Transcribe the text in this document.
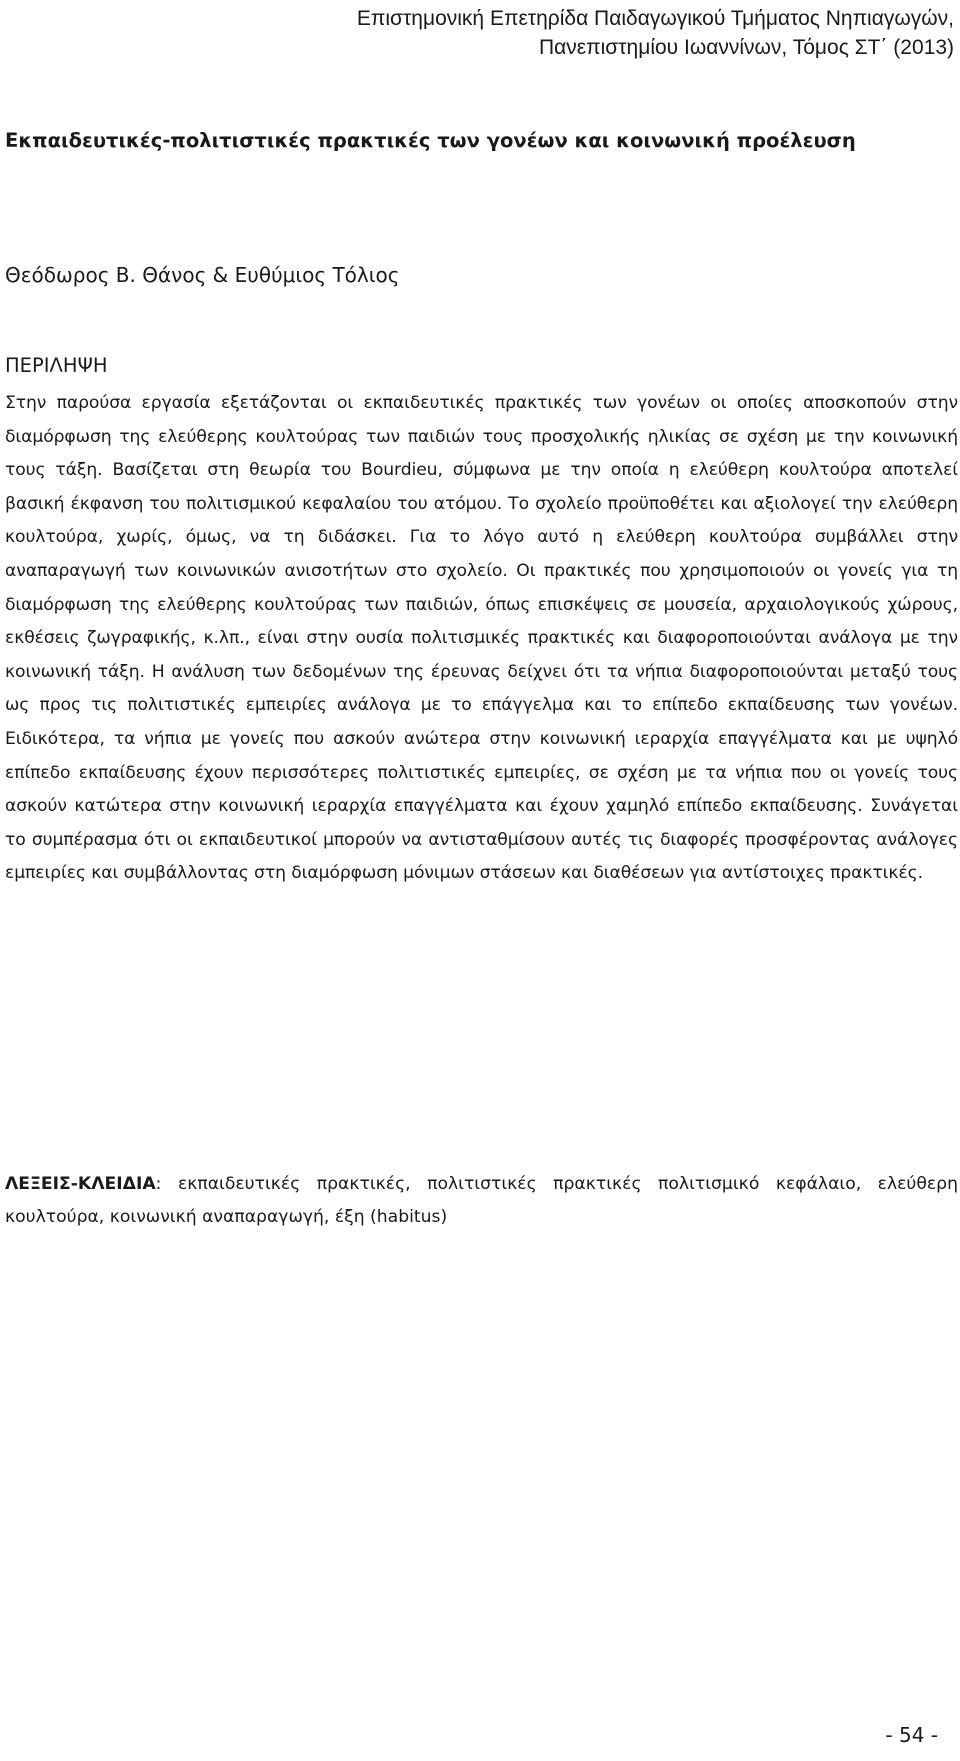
Επιστημονική Επετηρίδα Παιδαγωγικού Τμήματος Νηπιαγωγών,
Πανεπιστημίου Ιωαννίνων, Τόμος ΣΤ΄ (2013)
Εκπαιδευτικές-πολιτιστικές πρακτικές των γονέων και κοινωνική προέλευση

Θεόδωρος Β. Θάνος & Ευθύμιος Τόλιος

ΠΕΡΙΛΗΨΗ

Στην παρούσα εργασία εξετάζονται οι εκπαιδευτικές πρακτικές των γονέων οι οποίες αποσκοπούν στην διαμόρφωση της ελεύθερης κουλτούρας των παιδιών τους προσχολικής ηλικίας σε σχέση με την κοινωνική τους τάξη. Βασίζεται στη θεωρία του Bourdieu, σύμφωνα με την οποία η ελεύθερη κουλτούρα αποτελεί βασική έκφανση του πολιτισμικού κεφαλαίου του ατόμου. Το σχολείο προϋποθέτει και αξιολογεί την ελεύθερη κουλτούρα, χωρίς, όμως, να τη διδάσκει. Για το λόγο αυτό η ελεύθερη κουλτούρα συμβάλλει στην αναπαραγωγή των κοινωνικών ανισοτήτων στο σχολείο. Οι πρακτικές που χρησιμοποιούν οι γονείς για τη διαμόρφωση της ελεύθερης κουλτούρας των παιδιών, όπως επισκέψεις σε μουσεία, αρχαιολογικούς χώρους, εκθέσεις ζωγραφικής, κ.λπ., είναι στην ουσία πολιτισμικές πρακτικές και διαφοροποιούνται ανάλογα με την κοινωνική τάξη. Η ανάλυση των δεδομένων της έρευνας δείχνει ότι τα νήπια διαφοροποιούνται μεταξύ τους ως προς τις πολιτιστικές εμπειρίες ανάλογα με το επάγγελμα και το επίπεδο εκπαίδευσης των γονέων. Ειδικότερα, τα νήπια με γονείς που ασκούν ανώτερα στην κοινωνική ιεραρχία επαγγέλματα και με υψηλό επίπεδο εκπαίδευσης έχουν περισσότερες πολιτιστικές εμπειρίες, σε σχέση με τα νήπια που οι γονείς τους ασκούν κατώτερα στην κοινωνική ιεραρχία επαγγέλματα και έχουν χαμηλό επίπεδο εκπαίδευσης. Συνάγεται το συμπέρασμα ότι οι εκπαιδευτικοί μπορούν να αντισταθμίσουν αυτές τις διαφορές προσφέροντας ανάλογες εμπειρίες και συμβάλλοντας στη διαμόρφωση μόνιμων στάσεων και διαθέσεων για αντίστοιχες πρακτικές.

ΛΕΞΕΙΣ-ΚΛΕΙΔΙΑ: εκπαιδευτικές πρακτικές, πολιτιστικές πρακτικές πολιτισμικό κεφάλαιο, ελεύθερη κουλτούρα, κοινωνική αναπαραγωγή, έξη (habitus)

- 54 -
